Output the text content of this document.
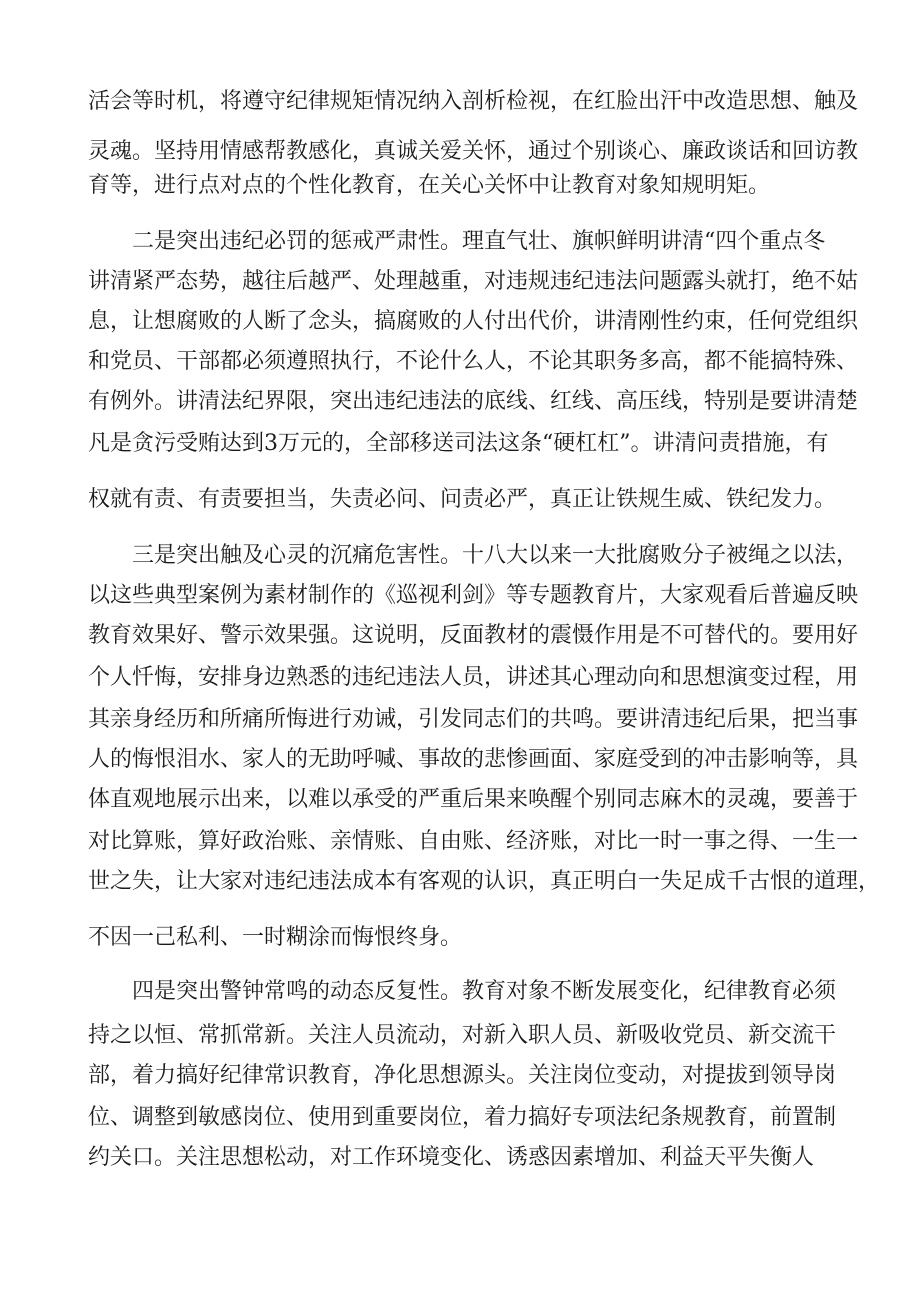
活会等时机，将遵守纪律规矩情况纳入剖析检视，在红脸出汗中改造思想、触及
灵魂。坚持用情感帮教感化，真诚关爱关怀，通过个别谈心、廉政谈话和回访教
育等，进行点对点的个性化教育，在关心关怀中让教育对象知规明矩。
二是突出违纪必罚的惩戒严肃性。理直气壮、旗帜鲜明讲清“四个重点冬
讲清紧严态势，越往后越严、处理越重，对违规违纪违法问题露头就打，绝不姑
息，让想腐败的人断了念头，搞腐败的人付出代价，讲清刚性约束，任何党组织
和党员、干部都必须遵照执行，不论什么人，不论其职务多高，都不能搞特殊、
有例外。讲清法纪界限，突出违纪违法的底线、红线、高压线，特别是要讲清楚
凡是贪污受贿达到3万元的，全部移送司法这条“硬杠杠”。讲清问责措施，有
权就有责、有责要担当，失责必问、问责必严，真正让铁规生威、铁纪发力。
三是突出触及心灵的沉痛危害性。十八大以来一大批腐败分子被绳之以法，
以这些典型案例为素材制作的《巡视利剑》等专题教育片，大家观看后普遍反映
教育效果好、警示效果强。这说明，反面教材的震慑作用是不可替代的。要用好
个人忏悔，安排身边熟悉的违纪违法人员，讲述其心理动向和思想演变过程，用
其亲身经历和所痛所悔进行劝诫，引发同志们的共鸣。要讲清违纪后果，把当事
人的悔恨泪水、家人的无助呼喊、事故的悲惨画面、家庭受到的冲击影响等，具
体直观地展示出来，以难以承受的严重后果来唤醒个别同志麻木的灵魂，要善于
对比算账，算好政治账、亲情账、自由账、经济账，对比一时一事之得、一生一
世之失，让大家对违纪违法成本有客观的认识，真正明白一失足成千古恨的道理，
不因一己私利、一时糊涂而悔恨终身。
四是突出警钟常鸣的动态反复性。教育对象不断发展变化，纪律教育必须
持之以恒、常抓常新。关注人员流动，对新入职人员、新吸收党员、新交流干
部，着力搞好纪律常识教育，净化思想源头。关注岗位变动，对提拔到领导岗
位、调整到敏感岗位、使用到重要岗位，着力搞好专项法纪条规教育，前置制
约关口。关注思想松动，对工作环境变化、诱惑因素增加、利益天平失衡人
